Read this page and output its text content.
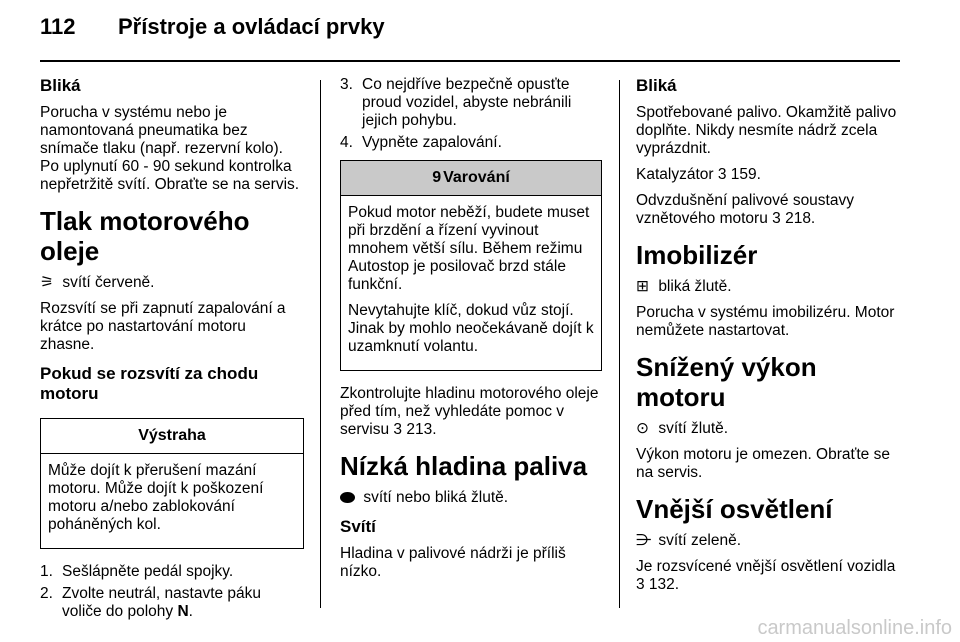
112 Přístroje a ovládací prvky

Bliká

Porucha v systému nebo je namontovaná pneumatika bez snímače tlaku (např. rezervní kolo). Po uplynutí 60 - 90 sekund kontrolka nepřetržitě svítí. Obraťte se na servis.

Tlak motorového oleje

⚞ svítí červeně.

Rozsvítí se při zapnutí zapalování a krátce po nastartování motoru zhasne.

Pokud se rozsvítí za chodu motoru
Výstraha

Může dojít k přerušení mazání motoru. Může dojít k poškození motoru a/nebo zablokování poháněných kol.

1. Sešlápněte pedál spojky.
2. Zvolte neutrál, nastavte páku voliče do polohy N.
3. Co nejdříve bezpečně opusťte proud vozidel, abyste nebránili jejich pohybu.
4. Vypněte zapalování.
9 Varování

Pokud motor neběží, budete muset při brzdění a řízení vyvinout mnohem větší sílu. Během režimu Autostop je posilovač brzd stále funkční.

Nevytahujte klíč, dokud vůz stojí. Jinak by mohlo neočekávaně dojít k uzamknutí volantu.

Zkontrolujte hladinu motorového oleje před tím, než vyhledáte pomoc v servisu 3 213.

Nízká hladina paliva

svítí nebo bliká žlutě.

Svítí

Hladina v palivové nádrži je příliš nízko.

Bliká

Spotřebované palivo. Okamžitě palivo doplňte. Nikdy nesmíte nádrž zcela vyprázdnit.

Katalyzátor 3 159.

Odvzdušnění palivové soustavy vznětového motoru 3 218.

Imobilizér

⊞ bliká žlutě.

Porucha v systému imobilizéru. Motor nemůžete nastartovat.

Snížený výkon motoru

⊙ svítí žlutě.

Výkon motoru je omezen. Obraťte se na servis.

Vnější osvětlení

⋺ svítí zeleně.

Je rozsvícené vnější osvětlení vozidla 3 132.

carmanualsonline.info
